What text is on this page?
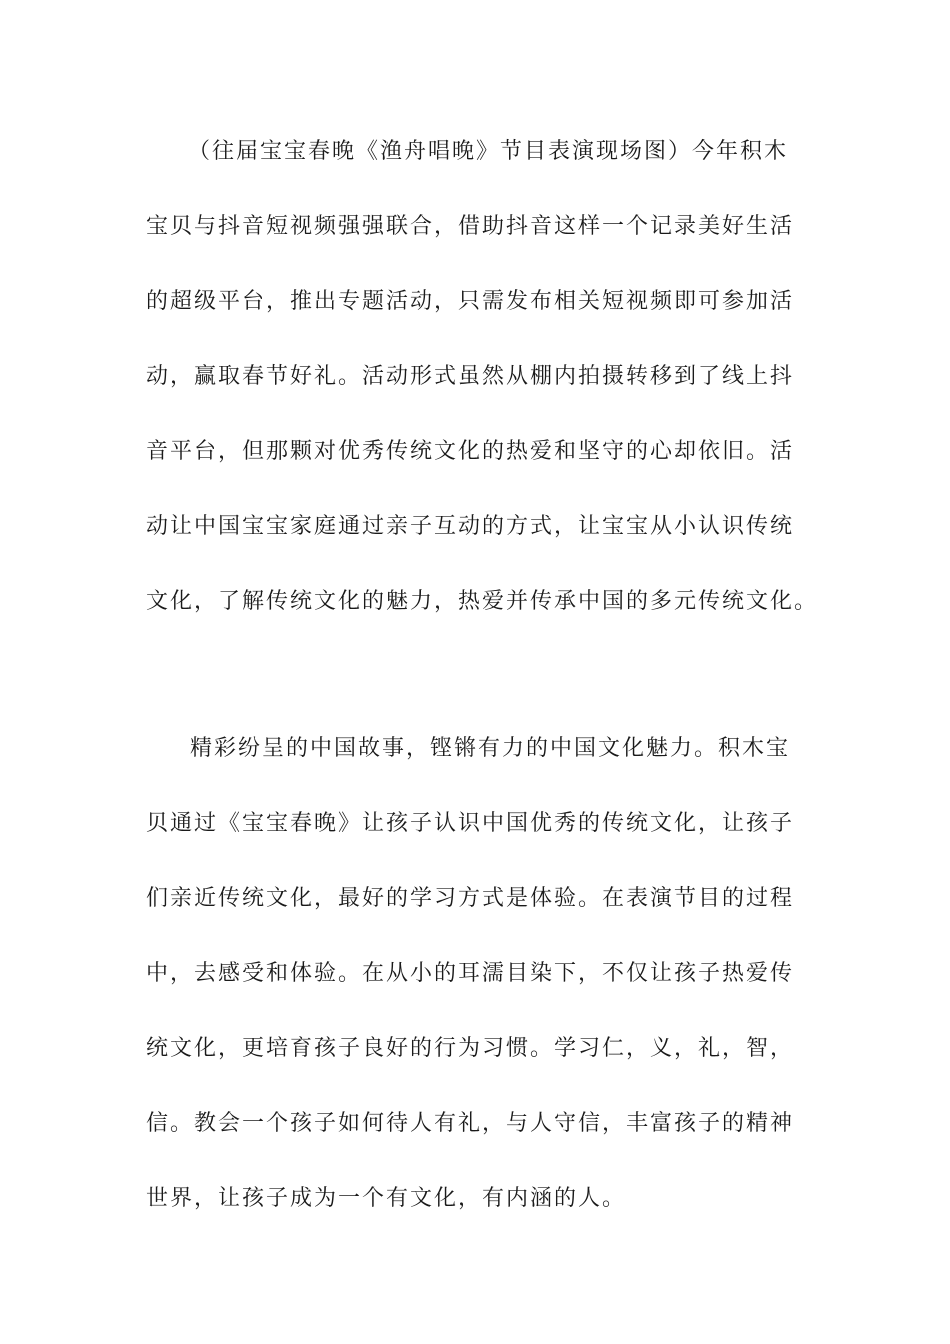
（往届宝宝春晚《渔舟唱晚》节目表演现场图）今年积木
宝贝与抖音短视频强强联合，借助抖音这样一个记录美好生活
的超级平台，推出专题活动，只需发布相关短视频即可参加活
动，赢取春节好礼。活动形式虽然从棚内拍摄转移到了线上抖
音平台，但那颗对优秀传统文化的热爱和坚守的心却依旧。活
动让中国宝宝家庭通过亲子互动的方式，让宝宝从小认识传统
文化，了解传统文化的魅力，热爱并传承中国的多元传统文化。
精彩纷呈的中国故事，铿锵有力的中国文化魅力。积木宝
贝通过《宝宝春晚》让孩子认识中国优秀的传统文化，让孩子
们亲近传统文化，最好的学习方式是体验。在表演节目的过程
中，去感受和体验。在从小的耳濡目染下，不仅让孩子热爱传
统文化，更培育孩子良好的行为习惯。学习仁，义，礼，智，
信。教会一个孩子如何待人有礼，与人守信，丰富孩子的精神
世界，让孩子成为一个有文化，有内涵的人。
